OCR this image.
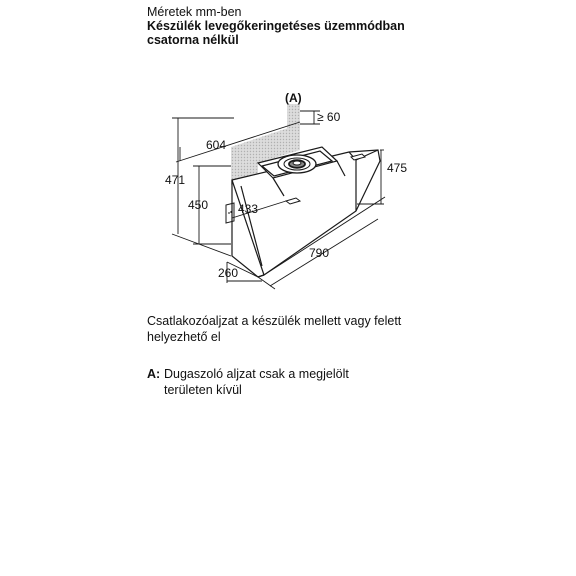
Méretek mm-ben
Készülék levegőkeringetéses üzemmódban
csatorna nélkül
(A)
≥ 60
604
471
475
450 433
790
260
Csatlakozóaljzat a készülék mellett vagy felett helyezhető el
A: Dugaszoló aljzat csak a megjelölt
területen kívül
